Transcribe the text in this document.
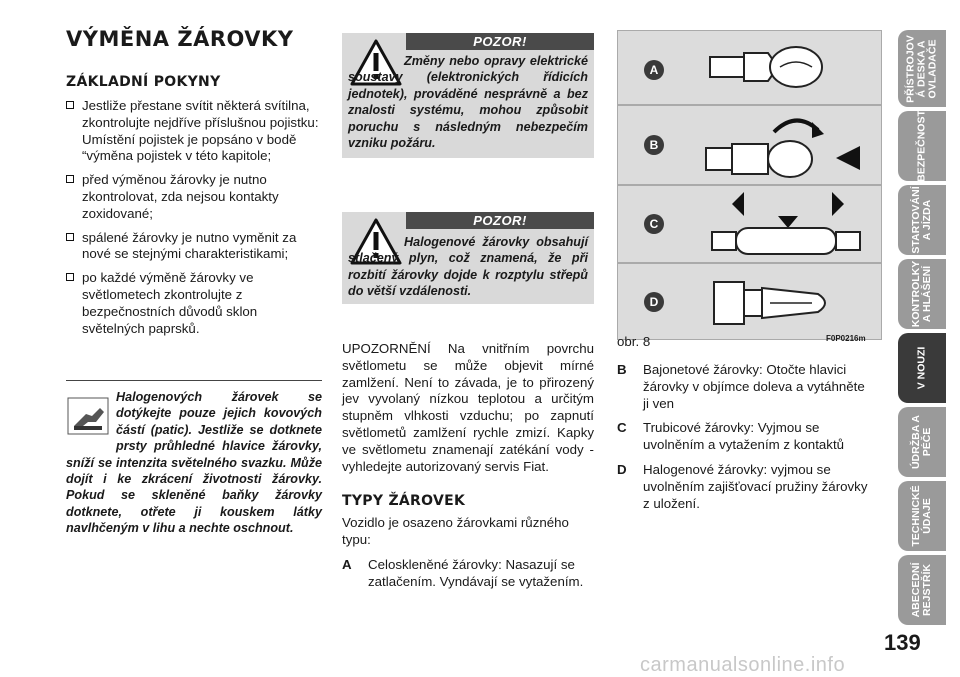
VÝMĚNA ŽÁROVKY
ZÁKLADNÍ POKYNY
Jestliže přestane svítit některá svítilna, zkontrolujte nejdříve příslušnou pojistku: Umístění pojistek je popsáno v bodě “výměna pojistek v této kapitole;
před výměnou žárovky je nutno zkontrolovat, zda nejsou kontakty zoxidované;
spálené žárovky je nutno vyměnit za nové se stejnými charakteristikami;
po každé výměně žárovky ve světlometech zkontrolujte z bezpečnostních důvodů sklon světelných paprsků.
Halogenových žárovek se dotýkejte pouze jejich kovových částí (patic). Jestliže se dotknete prsty průhledné hlavice žárovky, sníží se intenzita světelného svazku. Může dojít i ke zkrácení životnosti žárovky. Pokud se skleněné baňky žárovky dotknete, otřete ji kouskem látky navlhčeným v lihu a nechte oschnout.
POZOR!
Změny nebo opravy elektrické soustavy (elektronických řídicích jednotek), prováděné nesprávně a bez znalosti systému, mohou způsobit poruchu s následným nebezpečím vzniku požáru.
POZOR!
Halogenové žárovky obsahují stlačený plyn, což znamená, že při rozbití žárovky dojde k rozptylu střepů do větší vzdálenosti.
UPOZORNĚNÍ Na vnitřním povrchu světlometu se může objevit mírné zamlžení. Není to závada, je to přirozený jev vyvolaný nízkou teplotou a určitým stupněm vlhkosti vzduchu; po zapnutí světlometů zamlžení rychle zmizí. Kapky ve světlometu znamenají zatékání vody - vyhledejte autorizovaný servis Fiat.
TYPY ŽÁROVEK
Vozidlo je osazeno žárovkami různého typu:
A Celoskleněné žárovky: Nasazují se zatlačením. Vyndávají se vytažením.
A
B
C
D
obr. 8	F0P0216m
B Bajonetové žárovky: Otočte hlavici žárovky v objímce doleva a vytáhněte ji ven
C Trubicové žárovky: Vyjmou se uvolněním a vytažením z kontaktů
D Halogenové žárovky: vyjmou se uvolněním zajišťovací pružiny žárovky z uložení.
PŘÍSTROJOV
Á DESKA A
OVLADAČE
BEZPEČNOST
STARTOVÁNÍ
A JÍZDA
KONTROLKY
A HLÁŠENÍ
V NOUZI
ÚDRŽBA A
PÉČE
TECHNICKÉ
ÚDAJE
ABECEDNÍ
REJSTŘÍK
139
carmanualsonline.info
